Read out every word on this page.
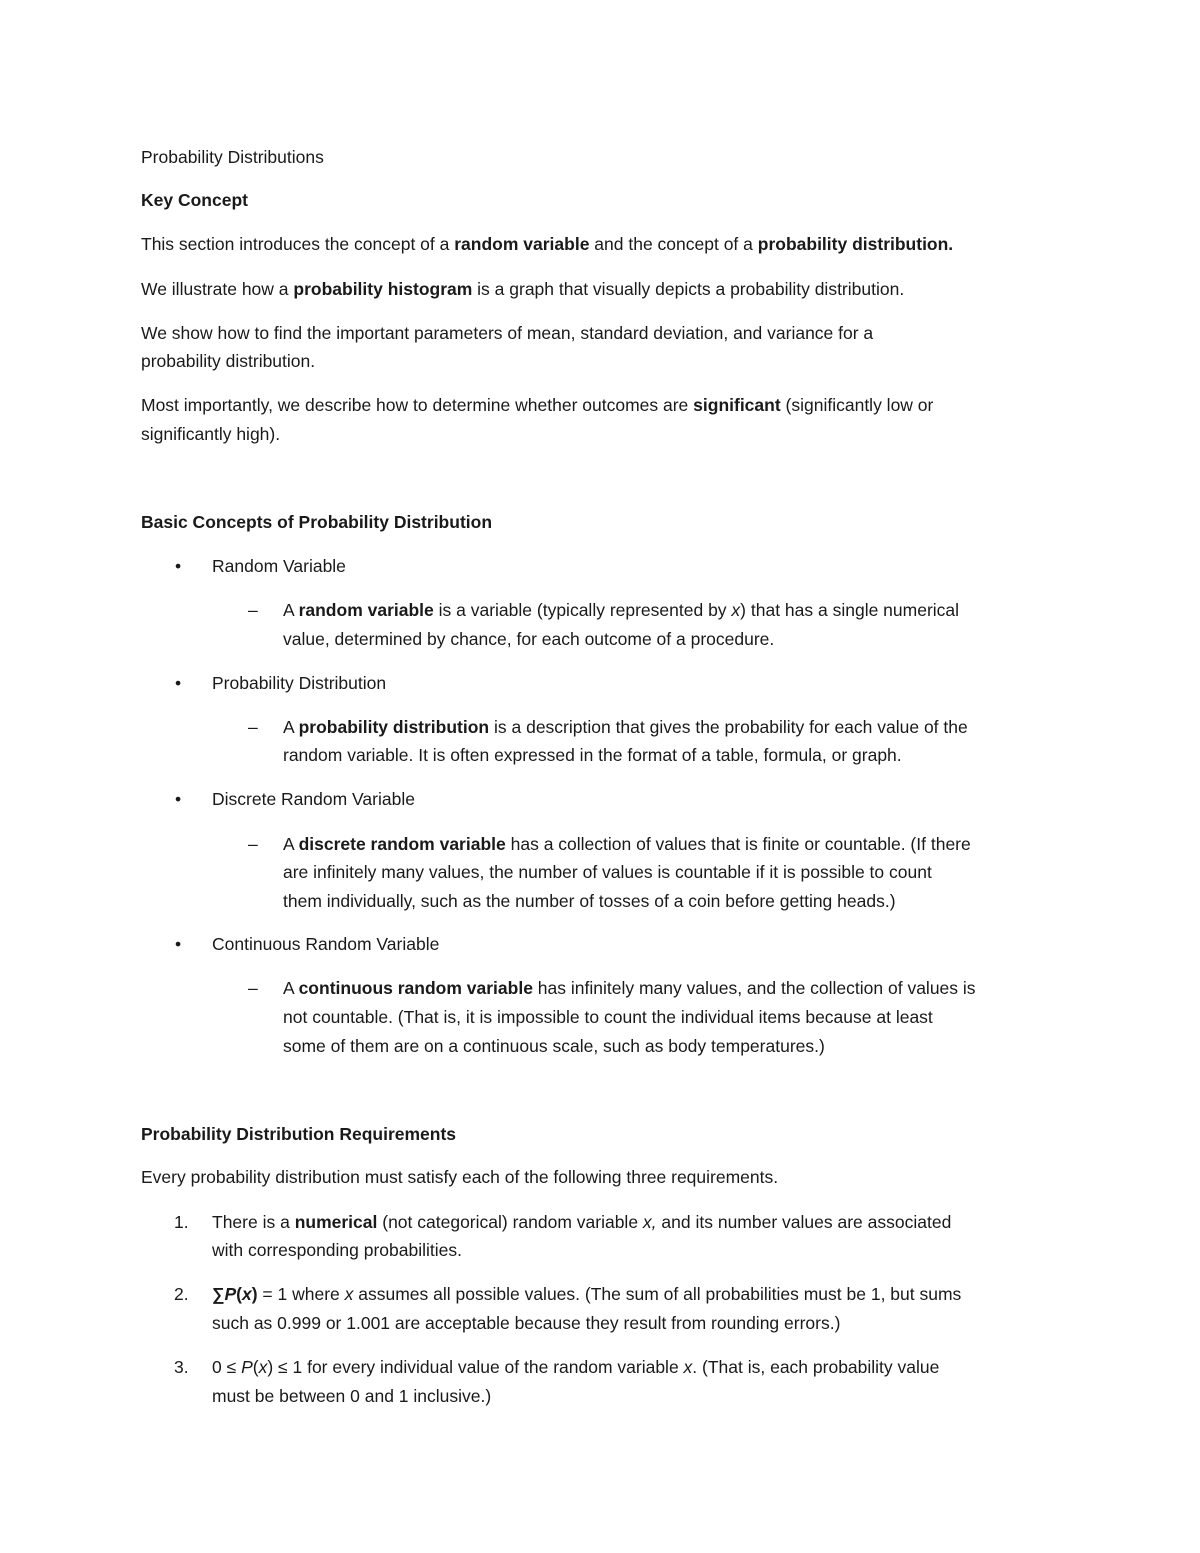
Probability Distributions
Key Concept
This section introduces the concept of a random variable and the concept of a probability distribution.
We illustrate how a probability histogram is a graph that visually depicts a probability distribution.
We show how to find the important parameters of mean, standard deviation, and variance for a
probability distribution.
Most importantly, we describe how to determine whether outcomes are significant (significantly low or
significantly high).
Basic Concepts of Probability Distribution
• Random Variable
– A random variable is a variable (typically represented by x) that has a single numerical
value, determined by chance, for each outcome of a procedure.
• Probability Distribution
– A probability distribution is a description that gives the probability for each value of the
random variable. It is often expressed in the format of a table, formula, or graph.
• Discrete Random Variable
– A discrete random variable has a collection of values that is finite or countable. (If there
are infinitely many values, the number of values is countable if it is possible to count
them individually, such as the number of tosses of a coin before getting heads.)
• Continuous Random Variable
– A continuous random variable has infinitely many values, and the collection of values is
not countable. (That is, it is impossible to count the individual items because at least
some of them are on a continuous scale, such as body temperatures.)
Probability Distribution Requirements
Every probability distribution must satisfy each of the following three requirements.
1. There is a numerical (not categorical) random variable x, and its number values are associated
with corresponding probabilities.
2. ∑P(x) = 1 where x assumes all possible values. (The sum of all probabilities must be 1, but sums
such as 0.999 or 1.001 are acceptable because they result from rounding errors.)
3. 0 ≤ P(x) ≤ 1 for every individual value of the random variable x. (That is, each probability value
must be between 0 and 1 inclusive.)
